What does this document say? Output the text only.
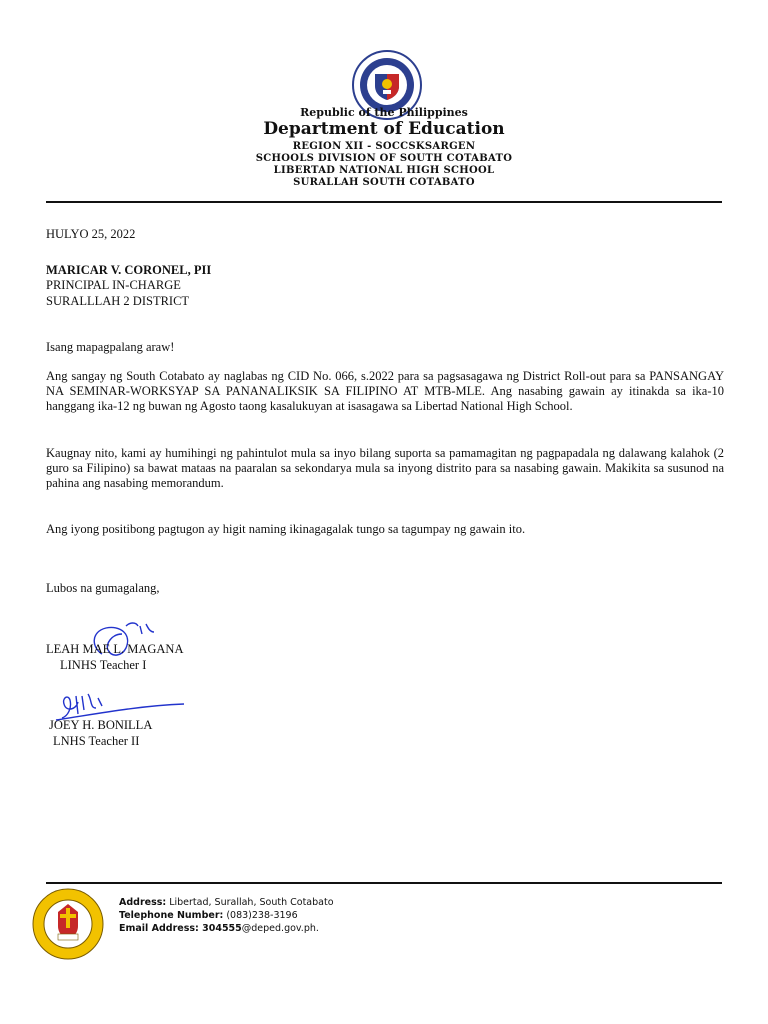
Republic of the Philippines
Department of Education
REGION XII - SOCCSKSARGEN
SCHOOLS DIVISION OF SOUTH COTABATO
LIBERTAD NATIONAL HIGH SCHOOL
SURALLAH SOUTH COTABATO
HULYO 25, 2022
MARICAR V. CORONEL, PII
PRINCIPAL IN-CHARGE
SURALLLAH 2 DISTRICT
Isang mapagpalang araw!
Ang sangay ng South Cotabato ay naglabas ng CID No. 066, s.2022 para sa pagsasagawa ng District Roll-out para sa PANSANGAY NA SEMINAR-WORKSYAP SA PANANALIKSIK SA FILIPINO AT MTB-MLE. Ang nasabing gawain ay itinakda sa ika-10 hanggang ika-12 ng buwan ng Agosto taong kasalukuyan at isasagawa sa Libertad National High School.
Kaugnay nito, kami ay humihingi ng pahintulot mula sa inyo bilang suporta sa pamamagitan ng pagpapadala ng dalawang kalahok (2 guro sa Filipino) sa bawat mataas na paaralan sa sekondarya mula sa inyong distrito para sa nasabing gawain. Makikita sa susunod na pahina ang nasabing memorandum.
Ang iyong positibong pagtugon ay higit naming ikinagagalak tungo sa tagumpay ng gawain ito.
Lubos na gumagalang,
LEAH MAE L. MAGANA
LINHS Teacher I
JOEY H. BONILLA
LNHS Teacher II
Address: Libertad, Surallah, South Cotabato
Telephone Number: (083)238-3196
Email Address: 304555@deped.gov.ph.
